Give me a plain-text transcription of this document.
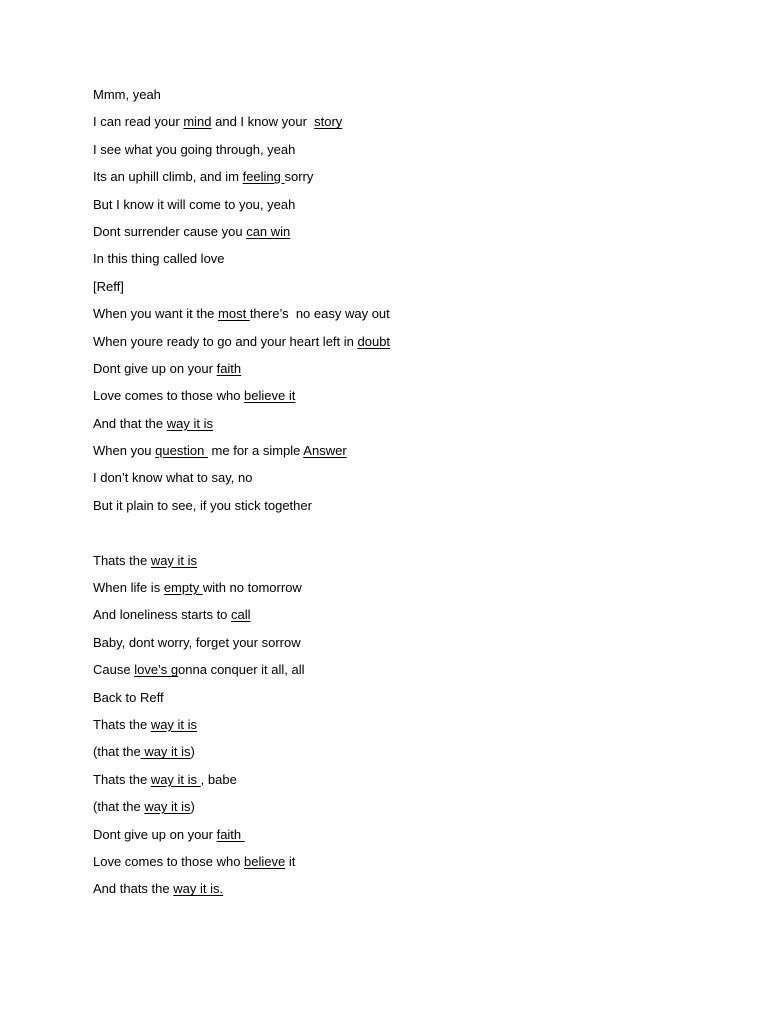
Mmm, yeah
I can read your mind and I know your  story
I see what you going through, yeah
Its an uphill climb, and im feeling sorry
But I know it will come to you, yeah
Dont surrender cause you can win
In this thing called love
[Reff]
When you want it the most there’s  no easy way out
When youre ready to go and your heart left in doubt
Dont give up on your faith
Love comes to those who believe it
And that the way it is
When you question  me for a simple Answer
I don’t know what to say, no
But it plain to see, if you stick together
Thats the way it is
When life is empty with no tomorrow
And loneliness starts to call
Baby, dont worry, forget your sorrow
Cause love’s gonna conquer it all, all
Back to Reff
Thats the way it is
(that the way it is)
Thats the way it is , babe
(that the way it is)
Dont give up on your faith
Love comes to those who believe it
And thats the way it is.
